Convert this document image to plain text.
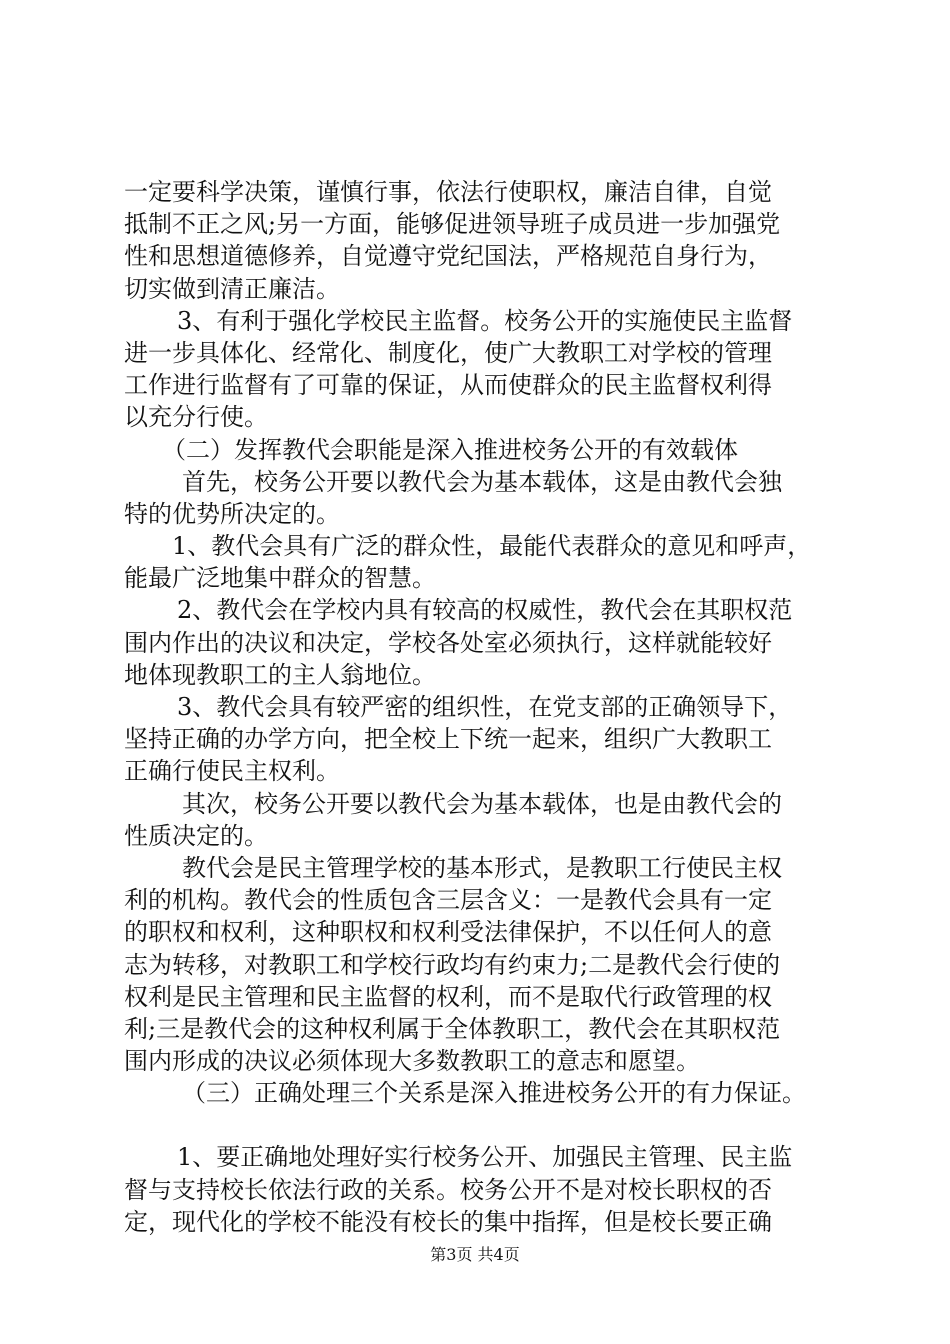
一定要科学决策，谨慎行事，依法行使职权，廉洁自律，自觉
抵制不正之风;另一方面，能够促进领导班子成员进一步加强党
性和思想道德修养，自觉遵守党纪国法，严格规范自身行为，
切实做到清正廉洁。
3、有利于强化学校民主监督。校务公开的实施使民主监督
进一步具体化、经常化、制度化，使广大教职工对学校的管理
工作进行监督有了可靠的保证，从而使群众的民主监督权利得
以充分行使。
（二）发挥教代会职能是深入推进校务公开的有效载体
首先，校务公开要以教代会为基本载体，这是由教代会独
特的优势所决定的。
1、教代会具有广泛的群众性，最能代表群众的意见和呼声，
能最广泛地集中群众的智慧。
2、教代会在学校内具有较高的权威性，教代会在其职权范
围内作出的决议和决定，学校各处室必须执行，这样就能较好
地体现教职工的主人翁地位。
3、教代会具有较严密的组织性，在党支部的正确领导下，
坚持正确的办学方向，把全校上下统一起来，组织广大教职工
正确行使民主权利。
其次，校务公开要以教代会为基本载体，也是由教代会的
性质决定的。
教代会是民主管理学校的基本形式，是教职工行使民主权
利的机构。教代会的性质包含三层含义：一是教代会具有一定
的职权和权利，这种职权和权利受法律保护，不以任何人的意
志为转移，对教职工和学校行政均有约束力;二是教代会行使的
权利是民主管理和民主监督的权利，而不是取代行政管理的权
利;三是教代会的这种权利属于全体教职工，教代会在其职权范
围内形成的决议必须体现大多数教职工的意志和愿望。
（三）正确处理三个关系是深入推进校务公开的有力保证。
1、要正确地处理好实行校务公开、加强民主管理、民主监
督与支持校长依法行政的关系。校务公开不是对校长职权的否
定，现代化的学校不能没有校长的集中指挥，但是校长要正确
第3页 共4页
